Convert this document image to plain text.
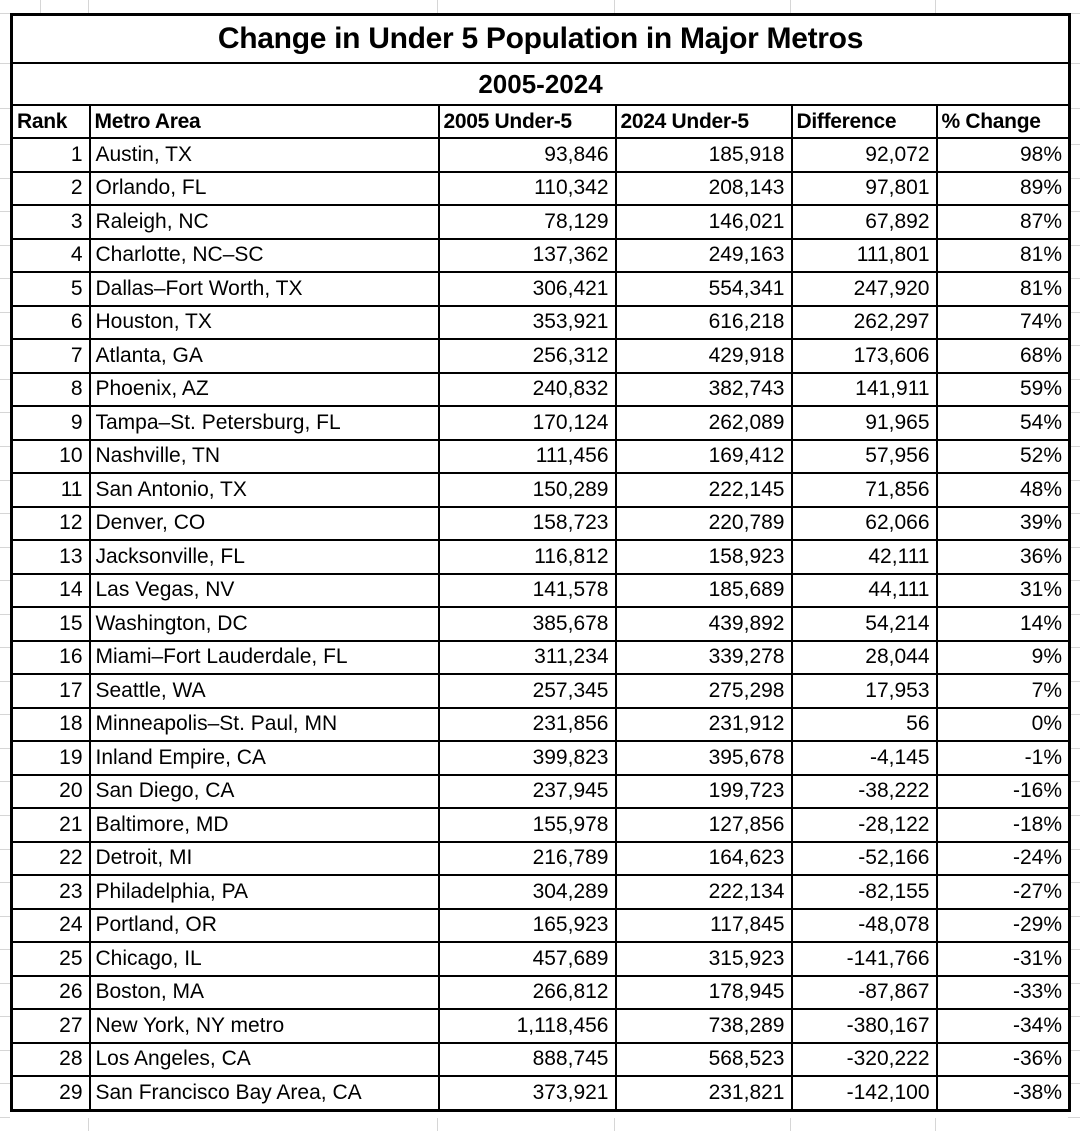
Change in Under 5 Population in Major Metros					
2005-2024					
Rank	Metro Area	2005 Under-5	2024 Under-5	Difference	% Change
1	Austin, TX	93,846	185,918	92,072	98%
2	Orlando, FL	110,342	208,143	97,801	89%
3	Raleigh, NC	78,129	146,021	67,892	87%
4	Charlotte, NC–SC	137,362	249,163	111,801	81%
5	Dallas–Fort Worth, TX	306,421	554,341	247,920	81%
6	Houston, TX	353,921	616,218	262,297	74%
7	Atlanta, GA	256,312	429,918	173,606	68%
8	Phoenix, AZ	240,832	382,743	141,911	59%
9	Tampa–St. Petersburg, FL	170,124	262,089	91,965	54%
10	Nashville, TN	111,456	169,412	57,956	52%
11	San Antonio, TX	150,289	222,145	71,856	48%
12	Denver, CO	158,723	220,789	62,066	39%
13	Jacksonville, FL	116,812	158,923	42,111	36%
14	Las Vegas, NV	141,578	185,689	44,111	31%
15	Washington, DC	385,678	439,892	54,214	14%
16	Miami–Fort Lauderdale, FL	311,234	339,278	28,044	9%
17	Seattle, WA	257,345	275,298	17,953	7%
18	Minneapolis–St. Paul, MN	231,856	231,912	56	0%
19	Inland Empire, CA	399,823	395,678	-4,145	-1%
20	San Diego, CA	237,945	199,723	-38,222	-16%
21	Baltimore, MD	155,978	127,856	-28,122	-18%
22	Detroit, MI	216,789	164,623	-52,166	-24%
23	Philadelphia, PA	304,289	222,134	-82,155	-27%
24	Portland, OR	165,923	117,845	-48,078	-29%
25	Chicago, IL	457,689	315,923	-141,766	-31%
26	Boston, MA	266,812	178,945	-87,867	-33%
27	New York, NY metro	1,118,456	738,289	-380,167	-34%
28	Los Angeles, CA	888,745	568,523	-320,222	-36%
29	San Francisco Bay Area, CA	373,921	231,821	-142,100	-38%
